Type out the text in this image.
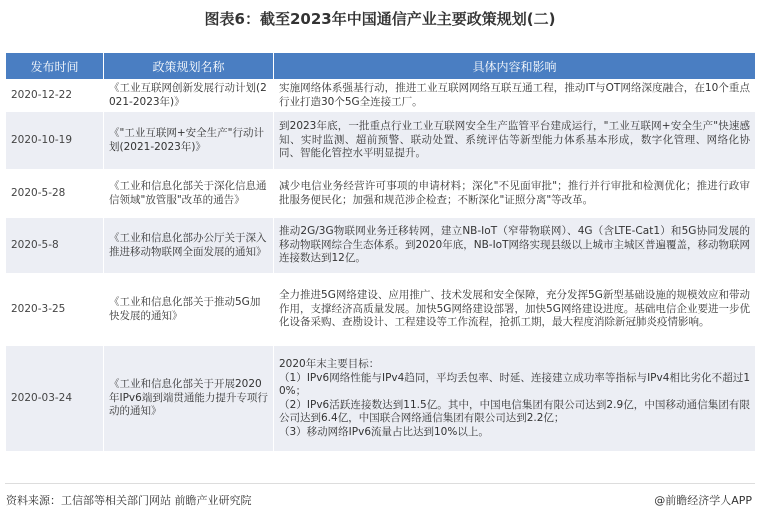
图表6：截至2023年中国通信产业主要政策规划(二)
发布时间	政策规划名称	具体内容和影响
2020-12-22	《工业互联网创新发展行动计划(2021-2023年)》	实施网络体系强基行动，推进工业互联网网络互联互通工程，推动IT与OT网络深度融合，在10个重点行业打造30个5G全连接工厂。
2020-10-19	《"工业互联网+安全生产"行动计划(2021-2023年)》	到2023年底，一批重点行业工业互联网安全生产监管平台建成运行，"工业互联网+安全生产"快速感知、实时监测、超前预警、联动处置、系统评估等新型能力体系基本形成，数字化管理、网络化协同、智能化管控水平明显提升。
2020-5-28	《工业和信息化部关于深化信息通信领域"放管服"改革的通告》	减少电信业务经营许可事项的申请材料；深化"不见面审批"；推行并行审批和检测优化；推进行政审批服务便民化；加强和规范涉企检查；不断深化"证照分离"等改革。
2020-5-8	《工业和信息化部办公厅关于深入推进移动物联网全面发展的通知》	推动2G/3G物联网业务迁移转网，建立NB-IoT（窄带物联网）、4G（含LTE-Cat1）和5G协同发展的移动物联网综合生态体系。到2020年底，NB-IoT网络实现县级以上城市主城区普遍覆盖，移动物联网连接数达到12亿。
2020-3-25	《工业和信息化部关于推动5G加快发展的通知》	全力推进5G网络建设、应用推广、技术发展和安全保障，充分发挥5G新型基础设施的规模效应和带动作用，支撑经济高质量发展。加快5G网络建设部署，加快5G网络建设进度。基础电信企业要进一步优化设备采购、查勘设计、工程建设等工作流程，抢抓工期，最大程度消除新冠肺炎疫情影响。
2020-03-24	《工业和信息化部关于开展2020年IPv6端到端贯通能力提升专项行动的通知》	2020年末主要目标：
（1）IPv6网络性能与IPv4趋同，平均丢包率、时延、连接建立成功率等指标与IPv4相比劣化不超过10%；
（2）IPv6活跃连接数达到11.5亿。其中，中国电信集团有限公司达到2.9亿，中国移动通信集团有限公司达到6.4亿，中国联合网络通信集团有限公司达到2.2亿；
（3）移动网络IPv6流量占比达到10%以上。
资料来源：工信部等相关部门网站 前瞻产业研究院	@前瞻经济学人APP
